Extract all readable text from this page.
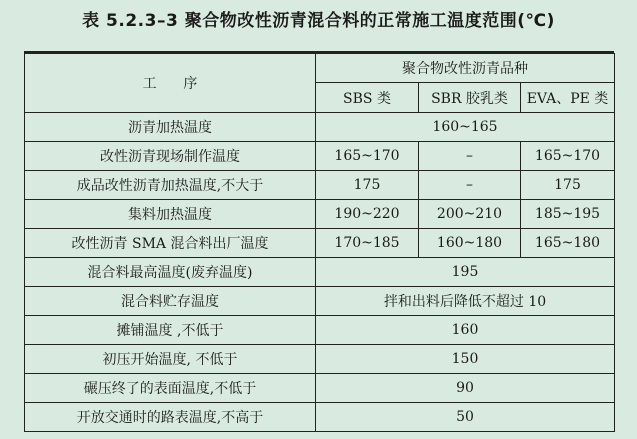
表 5.2.3–3 聚合物改性沥青混合料的正常施工温度范围(℃)
工      序	聚合物改性沥青品种		
	SBS 类	SBR 胶乳类	EVA、PE 类
沥青加热温度	160~165		
改性沥青现场制作温度	165~170	–	165~170
成品改性沥青加热温度,不大于	175	–	175
集料加热温度	190~220	200~210	185~195
改性沥青 SMA 混合料出厂温度	170~185	160~180	165~180
混合料最高温度(废弃温度)	195		
混合料贮存温度	拌和出料后降低不超过 10		
摊铺温度 ,不低于	160		
初压开始温度, 不低于	150		
碾压终了的表面温度,不低于	90		
开放交通时的路表温度,不高于	50		
